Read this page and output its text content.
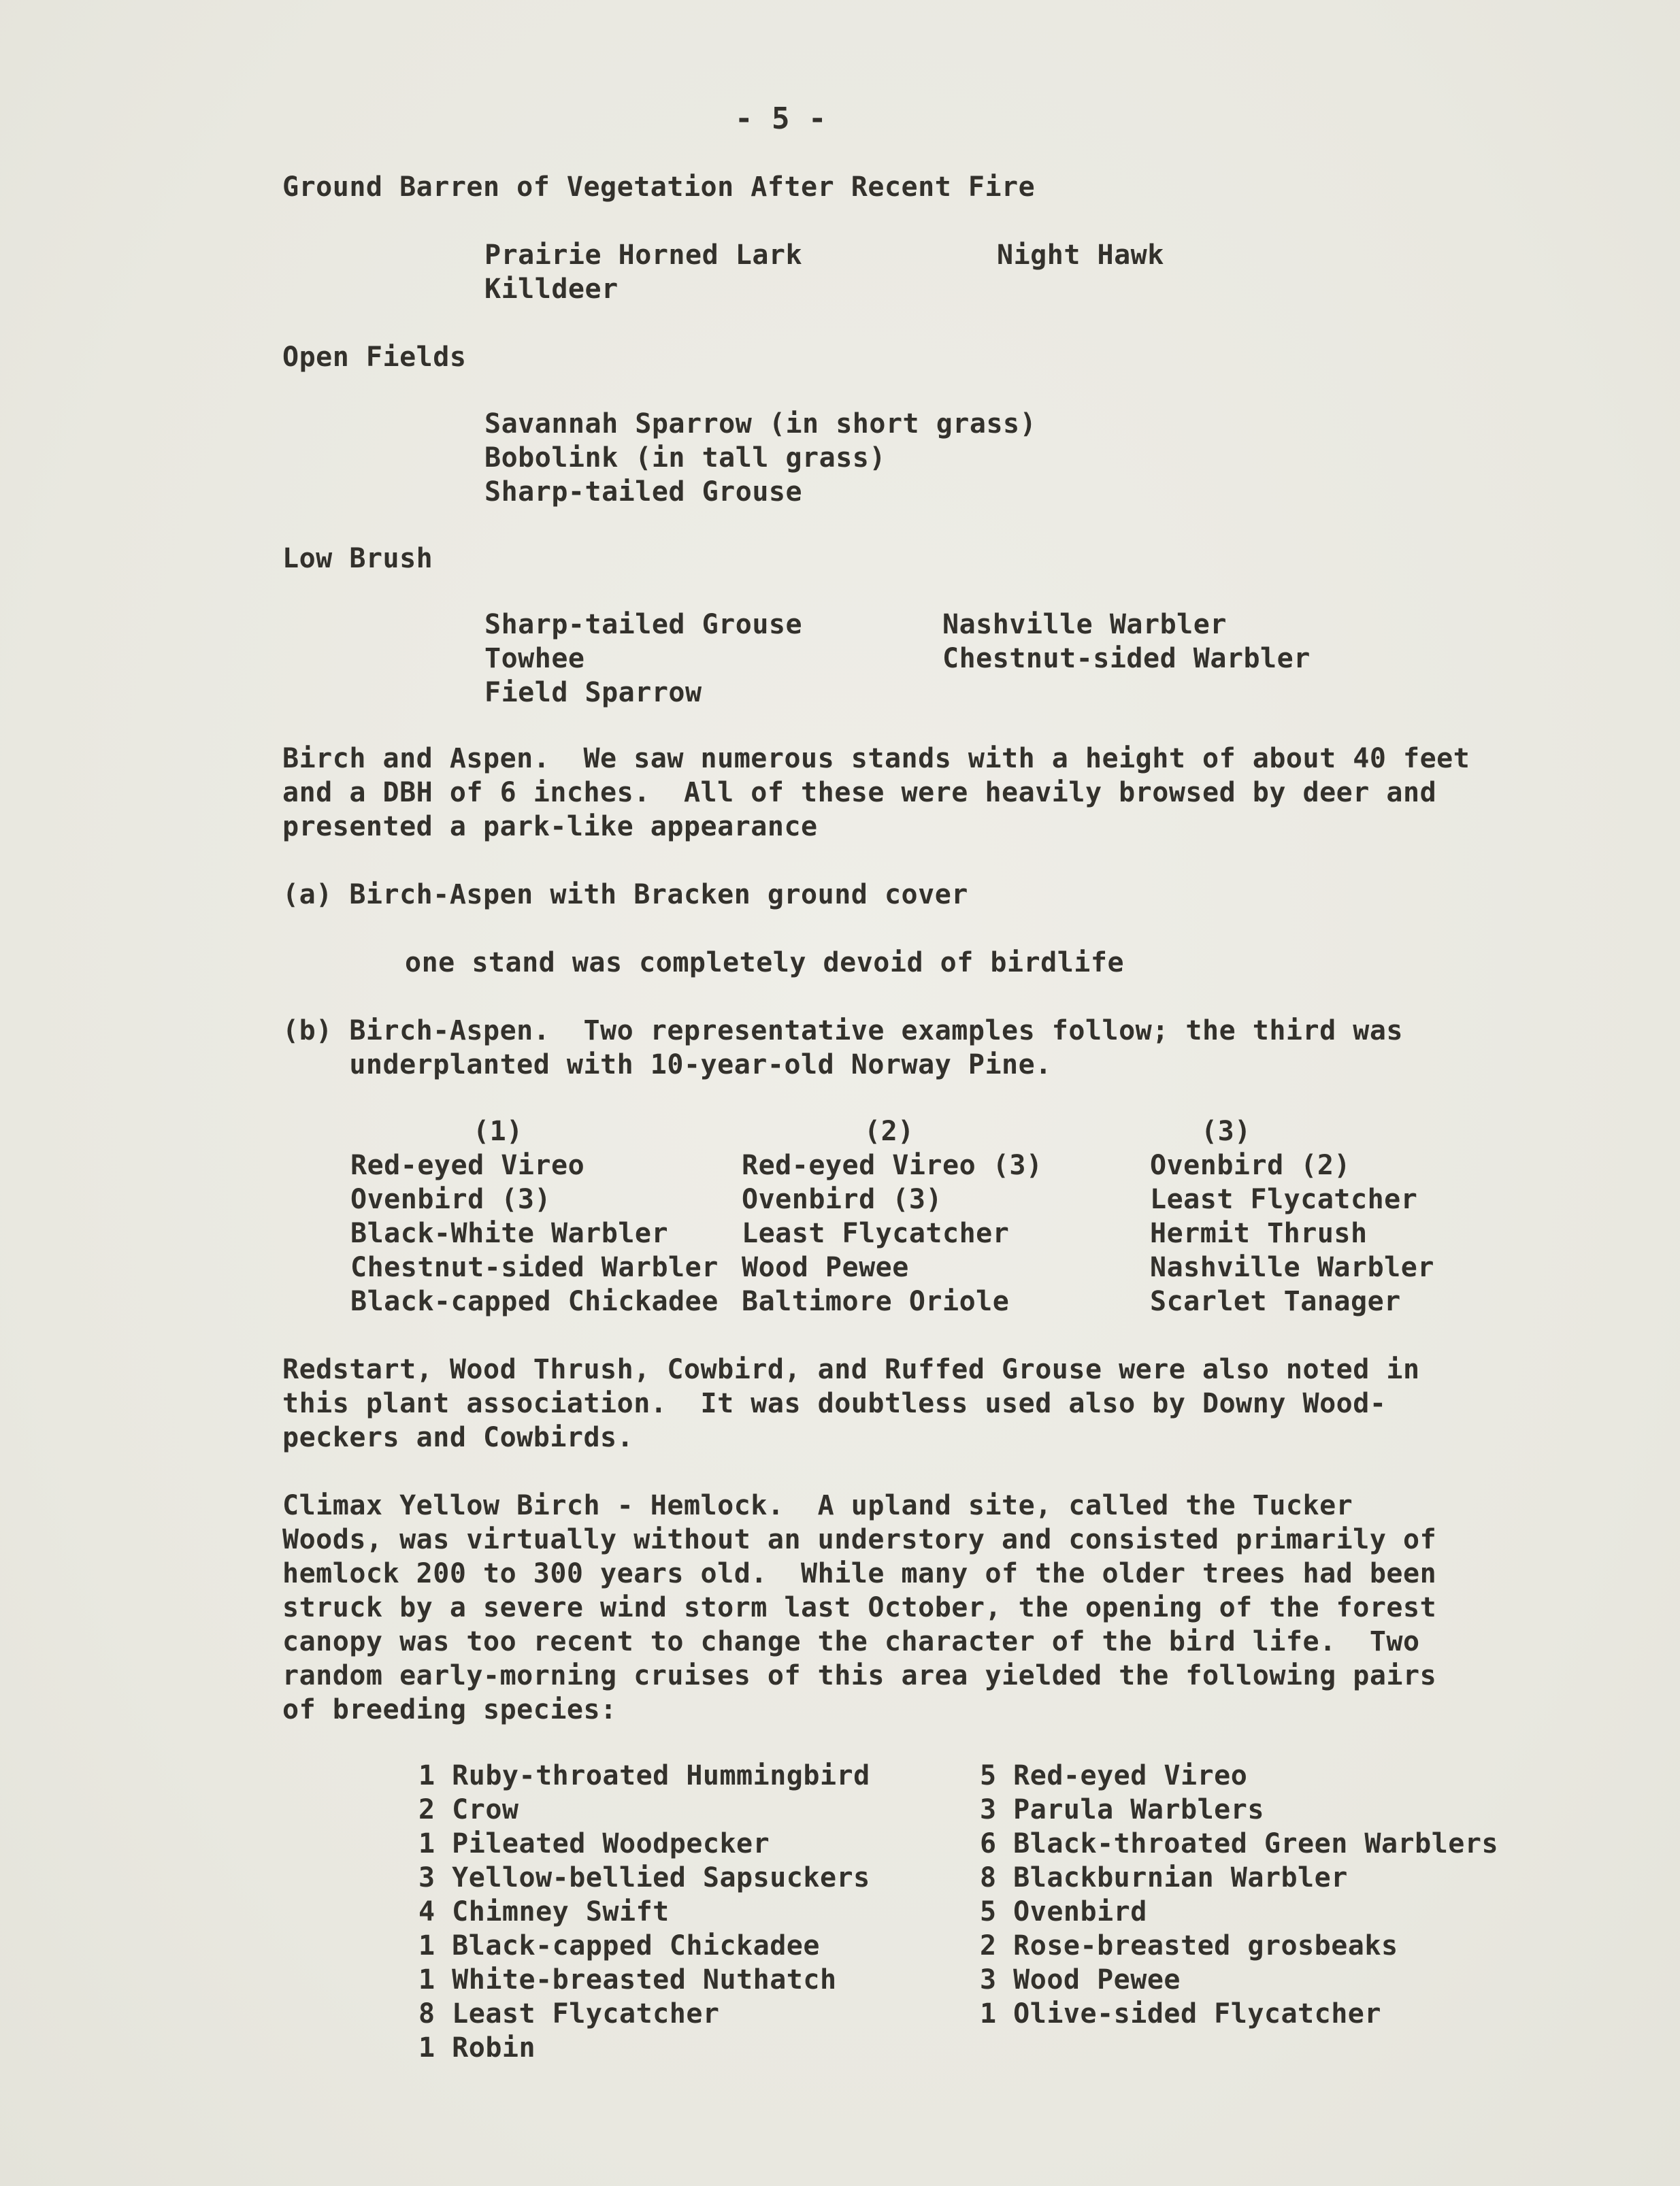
- 5 -
Ground Barren of Vegetation After Recent Fire
Prairie Horned Lark
Killdeer
Night Hawk
Open Fields
Savannah Sparrow (in short grass)
Bobolink (in tall grass)
Sharp-tailed Grouse
Low Brush
Sharp-tailed Grouse
Towhee
Field Sparrow
Nashville Warbler
Chestnut-sided Warbler
Birch and Aspen.  We saw numerous stands with a height of about 40 feet
and a DBH of 6 inches.  All of these were heavily browsed by deer and
presented a park-like appearance
(a) Birch-Aspen with Bracken ground cover
one stand was completely devoid of birdlife
(b) Birch-Aspen.  Two representative examples follow; the third was
underplanted with 10-year-old Norway Pine.
(1)	(2)	(3)
Red-eyed Vireo
Ovenbird (3)
Black-White Warbler
Chestnut-sided Warbler
Black-capped Chickadee
Red-eyed Vireo (3)
Ovenbird (3)
Least Flycatcher
Wood Pewee
Baltimore Oriole
Ovenbird (2)
Least Flycatcher
Hermit Thrush
Nashville Warbler
Scarlet Tanager
Redstart, Wood Thrush, Cowbird, and Ruffed Grouse were also noted in
this plant association.  It was doubtless used also by Downy Wood-
peckers and Cowbirds.
Climax Yellow Birch - Hemlock.  A upland site, called the Tucker
Woods, was virtually without an understory and consisted primarily of
hemlock 200 to 300 years old.  While many of the older trees had been
struck by a severe wind storm last October, the opening of the forest
canopy was too recent to change the character of the bird life.  Two
random early-morning cruises of this area yielded the following pairs
of breeding species:
1 Ruby-throated Hummingbird
2 Crow
1 Pileated Woodpecker
3 Yellow-bellied Sapsuckers
4 Chimney Swift
1 Black-capped Chickadee
1 White-breasted Nuthatch
8 Least Flycatcher
1 Robin
5 Red-eyed Vireo
3 Parula Warblers
6 Black-throated Green Warblers
8 Blackburnian Warbler
5 Ovenbird
2 Rose-breasted grosbeaks
3 Wood Pewee
1 Olive-sided Flycatcher
